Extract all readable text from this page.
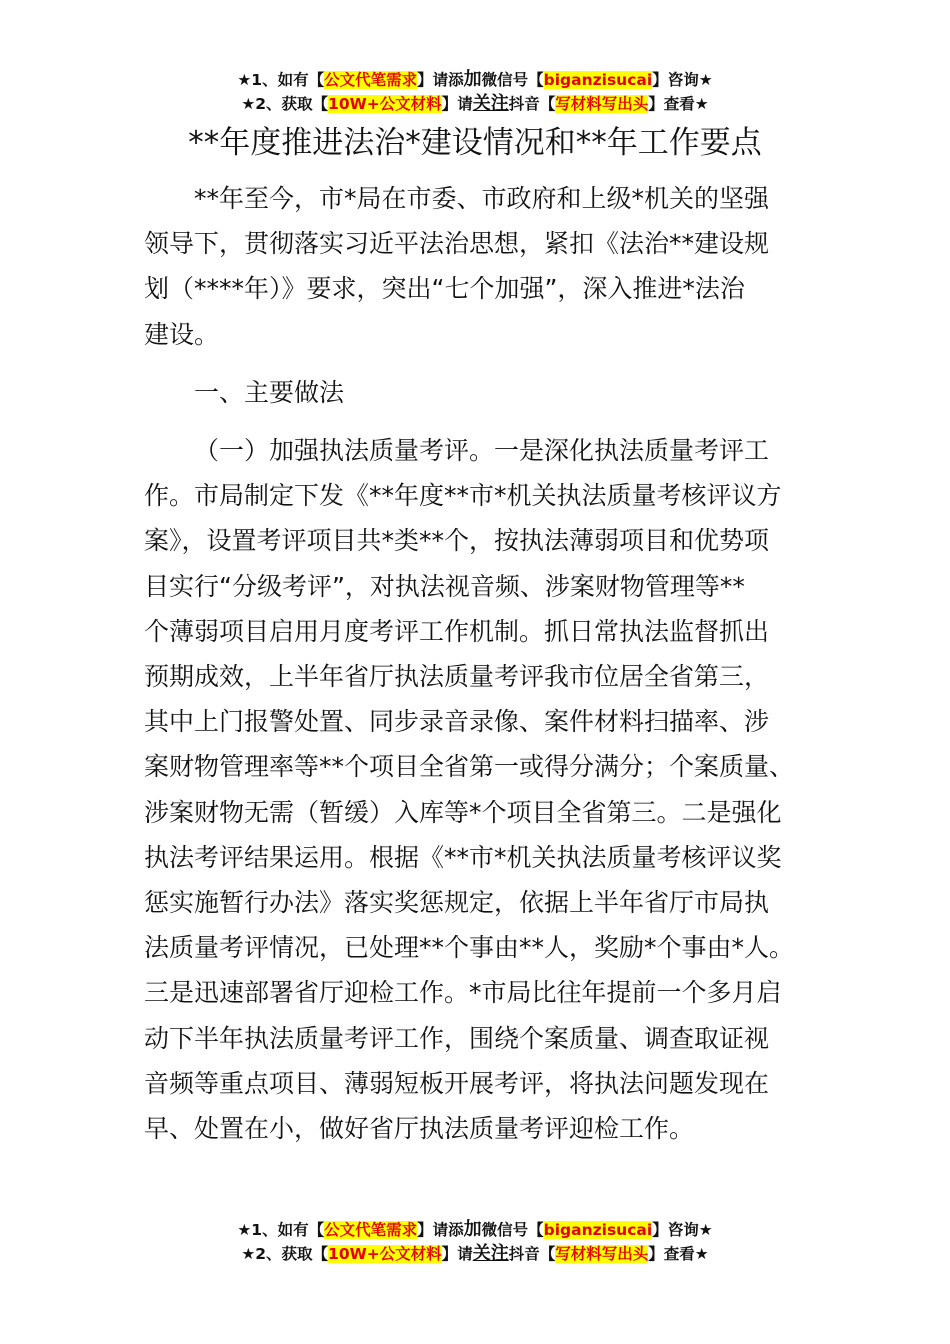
★1、如有【公文代笔需求】请添加微信号【biganzisucai】咨询★
★2、获取【10W+公文材料】请关注抖音【写材料写出头】查看★
**年度推进法治*建设情况和**年工作要点

**年至今，市*局在市委、市政府和上级*机关的坚强
领导下，贯彻落实习近平法治思想，紧扣《法治**建设规
划（****年）》要求，突出“七个加强”，深入推进*法治
建设。

一、主要做法

（一）加强执法质量考评。一是深化执法质量考评工
作。市局制定下发《**年度**市*机关执法质量考核评议方
案》，设置考评项目共*类**个，按执法薄弱项目和优势项
目实行“分级考评”，对执法视音频、涉案财物管理等**
个薄弱项目启用月度考评工作机制。抓日常执法监督抓出
预期成效，上半年省厅执法质量考评我市位居全省第三，
其中上门报警处置、同步录音录像、案件材料扫描率、涉
案财物管理率等**个项目全省第一或得分满分；个案质量、
涉案财物无需（暂缓）入库等*个项目全省第三。二是强化
执法考评结果运用。根据《**市*机关执法质量考核评议奖
惩实施暂行办法》落实奖惩规定，依据上半年省厅市局执
法质量考评情况，已处理**个事由**人，奖励*个事由*人。
三是迅速部署省厅迎检工作。*市局比往年提前一个多月启
动下半年执法质量考评工作，围绕个案质量、调查取证视
音频等重点项目、薄弱短板开展考评，将执法问题发现在
早、处置在小，做好省厅执法质量考评迎检工作。

★1、如有【公文代笔需求】请添加微信号【biganzisucai】咨询★
★2、获取【10W+公文材料】请关注抖音【写材料写出头】查看★
